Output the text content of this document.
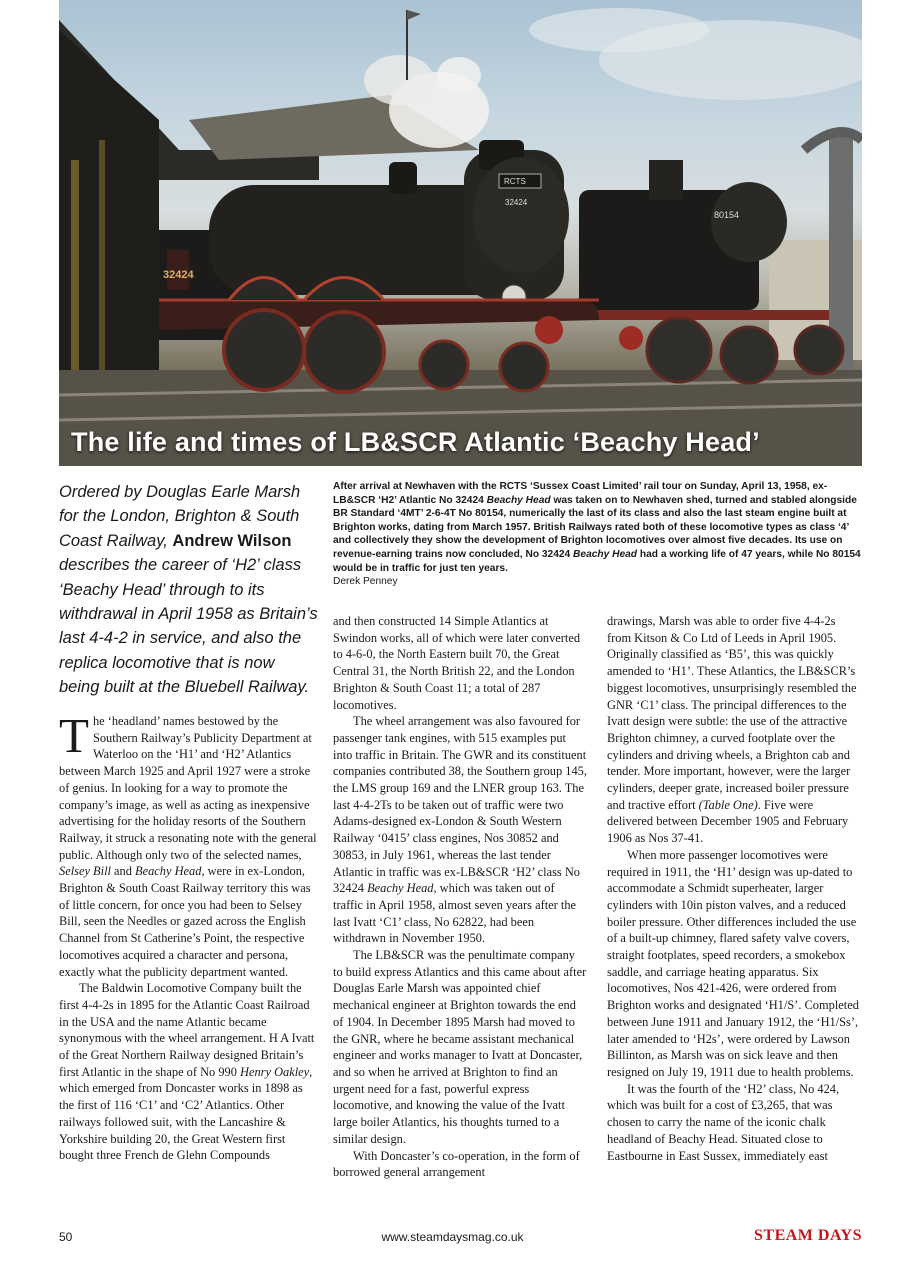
80154
RCTS
32424
32424
The life and times of LB&SCR Atlantic ‘Beachy Head’
Ordered by Douglas Earle Marsh for the London, Brighton & South Coast Railway, Andrew Wilson describes the career of ‘H2’ class ‘Beachy Head’ through to its withdrawal in April 1958 as Britain’s last 4-4-2 in service, and also the replica locomotive that is now being built at the Bluebell Railway.
After arrival at Newhaven with the RCTS ‘Sussex Coast Limited’ rail tour on Sunday, April 13, 1958, ex-LB&SCR ‘H2’ Atlantic No 32424 Beachy Head was taken on to Newhaven shed, turned and stabled alongside BR Standard ‘4MT’ 2-6-4T No 80154, numerically the last of its class and also the last steam engine built at Brighton works, dating from March 1957. British Railways rated both of these locomotive types as class ‘4’ and collectively they show the development of Brighton locomotives over almost five decades. Its use on revenue-earning trains now concluded, No 32424 Beachy Head had a working life of 47 years, while No 80154 would be in traffic for just ten years.
Derek Penney

The ‘headland’ names bestowed by the Southern Railway’s Publicity Department at Waterloo on the ‘H1’ and ‘H2’ Atlantics between March 1925 and April 1927 were a stroke of genius. In looking for a way to promote the company’s image, as well as acting as inexpensive advertising for the holiday resorts of the Southern Railway, it struck a resonating note with the general public. Although only two of the selected names, Selsey Bill and Beachy Head, were in ex-London, Brighton & South Coast Railway territory this was of little concern, for once you had been to Selsey Bill, seen the Needles or gazed across the English Channel from St Catherine’s Point, the respective locomotives acquired a character and persona, exactly what the publicity department wanted.

The Baldwin Locomotive Company built the first 4-4-2s in 1895 for the Atlantic Coast Railroad in the USA and the name Atlantic became synonymous with the wheel arrangement. H A Ivatt of the Great Northern Railway designed Britain’s first Atlantic in the shape of No 990 Henry Oakley, which emerged from Doncaster works in 1898 as the first of 116 ‘C1’ and ‘C2’ Atlantics. Other railways followed suit, with the Lancashire & Yorkshire building 20, the Great Western first bought three French de Glehn Compounds

and then constructed 14 Simple Atlantics at Swindon works, all of which were later converted to 4-6-0, the North Eastern built 70, the Great Central 31, the North British 22, and the London Brighton & South Coast 11; a total of 287 locomotives.

The wheel arrangement was also favoured for passenger tank engines, with 515 examples put into traffic in Britain. The GWR and its constituent companies contributed 38, the Southern group 145, the LMS group 169 and the LNER group 163. The last 4-4-2Ts to be taken out of traffic were two Adams-designed ex-London & South Western Railway ‘0415’ class engines, Nos 30852 and 30853, in July 1961, whereas the last tender Atlantic in traffic was ex-LB&SCR ‘H2’ class No 32424 Beachy Head, which was taken out of traffic in April 1958, almost seven years after the last Ivatt ‘C1’ class, No 62822, had been withdrawn in November 1950.

The LB&SCR was the penultimate company to build express Atlantics and this came about after Douglas Earle Marsh was appointed chief mechanical engineer at Brighton towards the end of 1904. In December 1895 Marsh had moved to the GNR, where he became assistant mechanical engineer and works manager to Ivatt at Doncaster, and so when he arrived at Brighton to find an urgent need for a fast, powerful express locomotive, and knowing the value of the Ivatt large boiler Atlantics, his thoughts turned to a similar design.

With Doncaster’s co-operation, in the form of borrowed general arrangement

drawings, Marsh was able to order five 4-4-2s from Kitson & Co Ltd of Leeds in April 1905. Originally classified as ‘B5’, this was quickly amended to ‘H1’. These Atlantics, the LB&SCR’s biggest locomotives, unsurprisingly resembled the GNR ‘C1’ class. The principal differences to the Ivatt design were subtle: the use of the attractive Brighton chimney, a curved footplate over the cylinders and driving wheels, a Brighton cab and tender. More important, however, were the larger cylinders, deeper grate, increased boiler pressure and tractive effort (Table One). Five were delivered between December 1905 and February 1906 as Nos 37-41.

When more passenger locomotives were required in 1911, the ‘H1’ design was up-dated to accommodate a Schmidt superheater, larger cylinders with 10in piston valves, and a reduced boiler pressure. Other differences included the use of a built-up chimney, flared safety valve covers, straight footplates, speed recorders, a smokebox saddle, and carriage heating apparatus. Six locomotives, Nos 421-426, were ordered from Brighton works and designated ‘H1/S’. Completed between June 1911 and January 1912, the ‘H1/Ss’, later amended to ‘H2s’, were ordered by Lawson Billinton, as Marsh was on sick leave and then resigned on July 19, 1911 due to health problems.

It was the fourth of the ‘H2’ class, No 424, which was built for a cost of £3,265, that was chosen to carry the name of the iconic chalk headland of Beachy Head. Situated close to Eastbourne in East Sussex, immediately east

50	www.steamdaysmag.co.uk	STEAM DAYS
